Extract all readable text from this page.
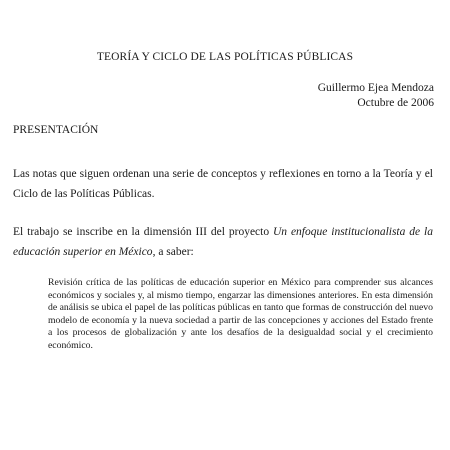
TEORÍA Y CICLO DE LAS POLÍTICAS PÚBLICAS
Guillermo Ejea Mendoza
Octubre de 2006
PRESENTACIÓN
Las notas que siguen ordenan una serie de conceptos y reflexiones en torno a la Teoría y el Ciclo de las Políticas Públicas.
El trabajo se inscribe en la dimensión III del proyecto Un enfoque institucionalista de la educación superior en México, a saber:
Revisión crítica de las políticas de educación superior en México para comprender sus alcances económicos y sociales y, al mismo tiempo, engarzar las dimensiones anteriores. En esta dimensión de análisis se ubica el papel de las políticas públicas en tanto que formas de construcción del nuevo modelo de economía y la nueva sociedad a partir de las concepciones y acciones del Estado frente a los procesos de globalización y ante los desafíos de la desigualdad social y el crecimiento económico.
